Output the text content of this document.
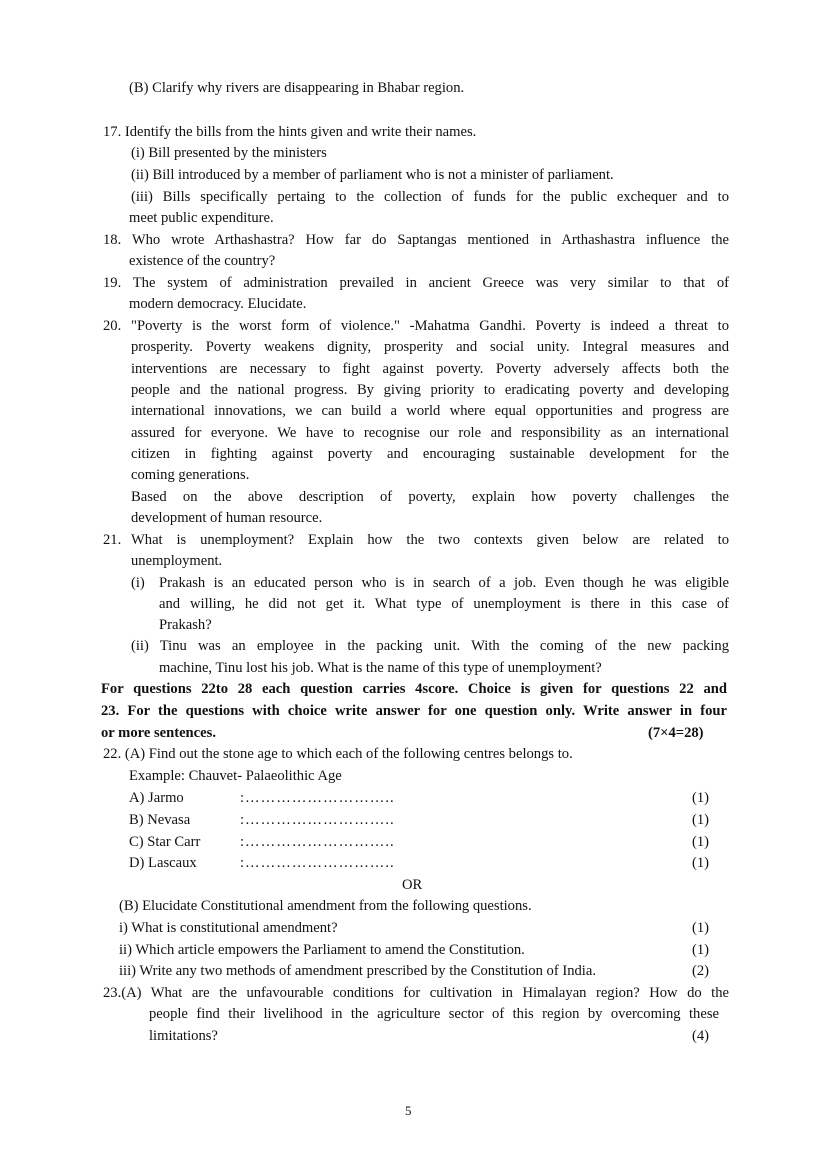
(B) Clarify why rivers are disappearing in Bhabar region.
17. Identify the bills from the hints given and write their names.
(i) Bill presented by the ministers
(ii) Bill introduced by a member of parliament who is not a minister of parliament.
(iii) Bills specifically pertaing to the collection of funds for the public exchequer and to
meet public expenditure.
18. Who wrote Arthashastra? How far do Saptangas mentioned in Arthashastra influence the
existence of the country?
19. The system of administration prevailed in ancient Greece was very similar to that of
modern democracy. Elucidate.
20. "Poverty is the worst form of violence." -Mahatma Gandhi. Poverty is indeed a threat to
prosperity. Poverty weakens dignity, prosperity and social unity. Integral measures and
interventions are necessary to fight against poverty. Poverty adversely affects both the
people and the national progress. By giving priority to eradicating poverty and developing
international innovations, we can build a world where equal opportunities and progress are
assured for everyone. We have to recognise our role and responsibility as an international
citizen in fighting against poverty and encouraging sustainable development for the
coming generations.
Based on the above description of poverty, explain how poverty challenges the
development of human resource.
21. What is unemployment? Explain how the two contexts given below are related to
unemployment.
(i) Prakash is an educated person who is in search of a job. Even though he was eligible
and willing, he did not get it. What type of unemployment is there in this case of
Prakash?
(ii) Tinu was an employee in the packing unit. With the coming of the new packing
machine, Tinu lost his job. What is the name of this type of unemployment?
For questions 22to 28 each question carries 4score. Choice is given for questions 22 and
23. For the questions with choice write answer for one question only. Write answer in four
or more sentences.	(7×4=28)
22. (A) Find out the stone age to which each of the following centres belongs to.
Example: Chauvet- Palaeolithic Age
A) Jarmo	:………………………..	(1)
B) Nevasa	:………………………..	(1)
C) Star Carr	:………………………..	(1)
D) Lascaux	:………………………..	(1)
OR
(B) Elucidate Constitutional amendment from the following questions.
i) What is constitutional amendment?	(1)
ii) Which article empowers the Parliament to amend the Constitution.	(1)
iii) Write any two methods of amendment prescribed by the Constitution of India.	(2)
23.(A) What are the unfavourable conditions for cultivation in Himalayan region? How do the
people find their livelihood in the agriculture sector of this region by overcoming these
limitations?	(4)
5
